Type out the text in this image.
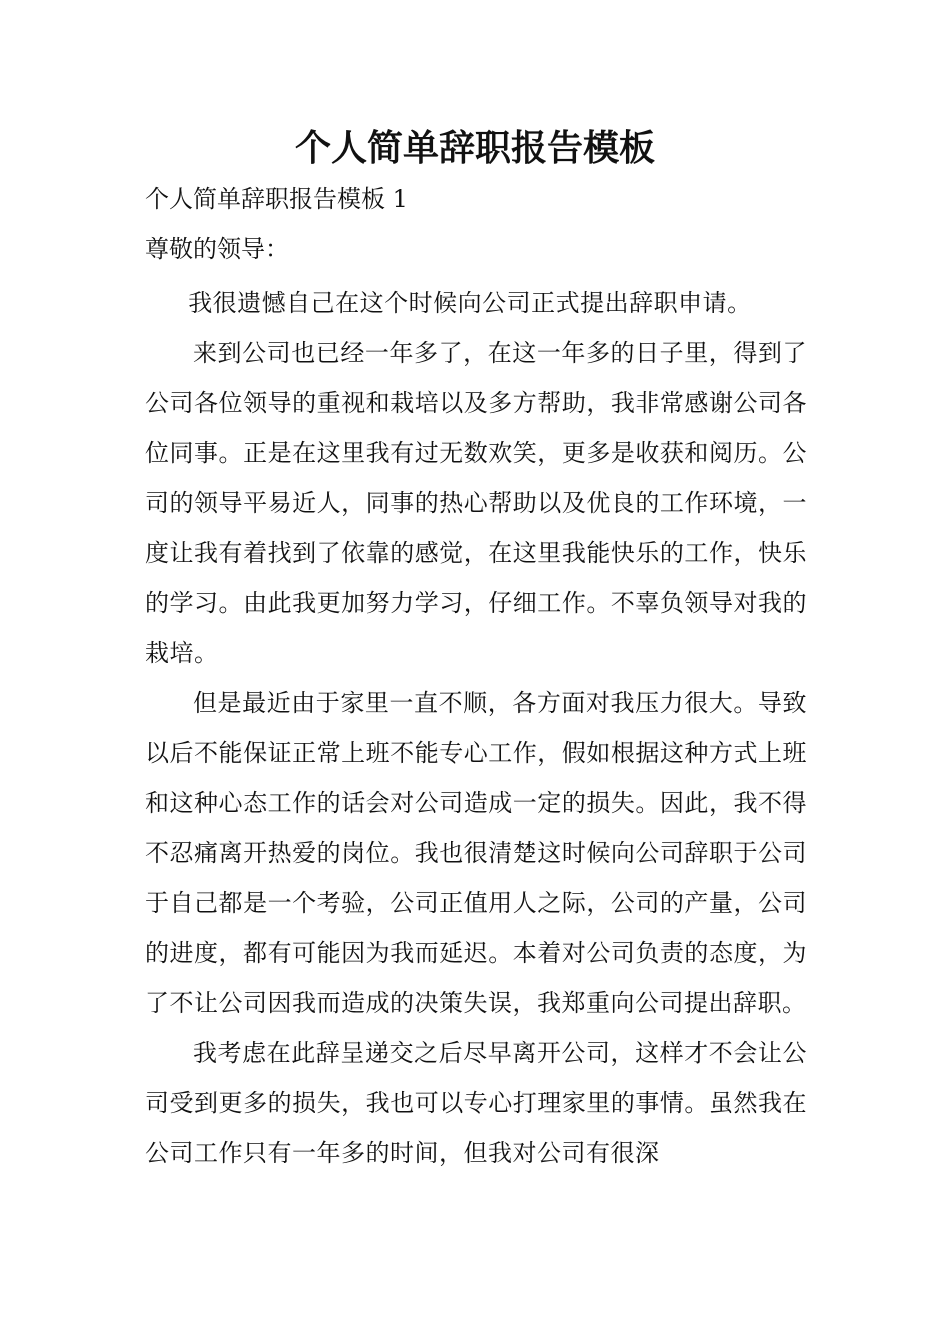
个人简单辞职报告模板

个人简单辞职报告模板 1

尊敬的领导：

我很遗憾自己在这个时候向公司正式提出辞职申请。

来到公司也已经一年多了，在这一年多的日子里，得到了公司各位领导的重视和栽培以及多方帮助，我非常感谢公司各位同事。正是在这里我有过无数欢笑，更多是收获和阅历。公司的领导平易近人，同事的热心帮助以及优良的工作环境，一度让我有着找到了依靠的感觉，在这里我能快乐的工作，快乐的学习。由此我更加努力学习，仔细工作。不辜负领导对我的栽培。

但是最近由于家里一直不顺，各方面对我压力很大。导致以后不能保证正常上班不能专心工作，假如根据这种方式上班和这种心态工作的话会对公司造成一定的损失。因此，我不得不忍痛离开热爱的岗位。我也很清楚这时候向公司辞职于公司于自己都是一个考验，公司正值用人之际，公司的产量，公司的进度，都有可能因为我而延迟。本着对公司负责的态度，为了不让公司因我而造成的决策失误，我郑重向公司提出辞职。

我考虑在此辞呈递交之后尽早离开公司，这样才不会让公司受到更多的损失，我也可以专心打理家里的事情。虽然我在公司工作只有一年多的时间，但我对公司有很深
